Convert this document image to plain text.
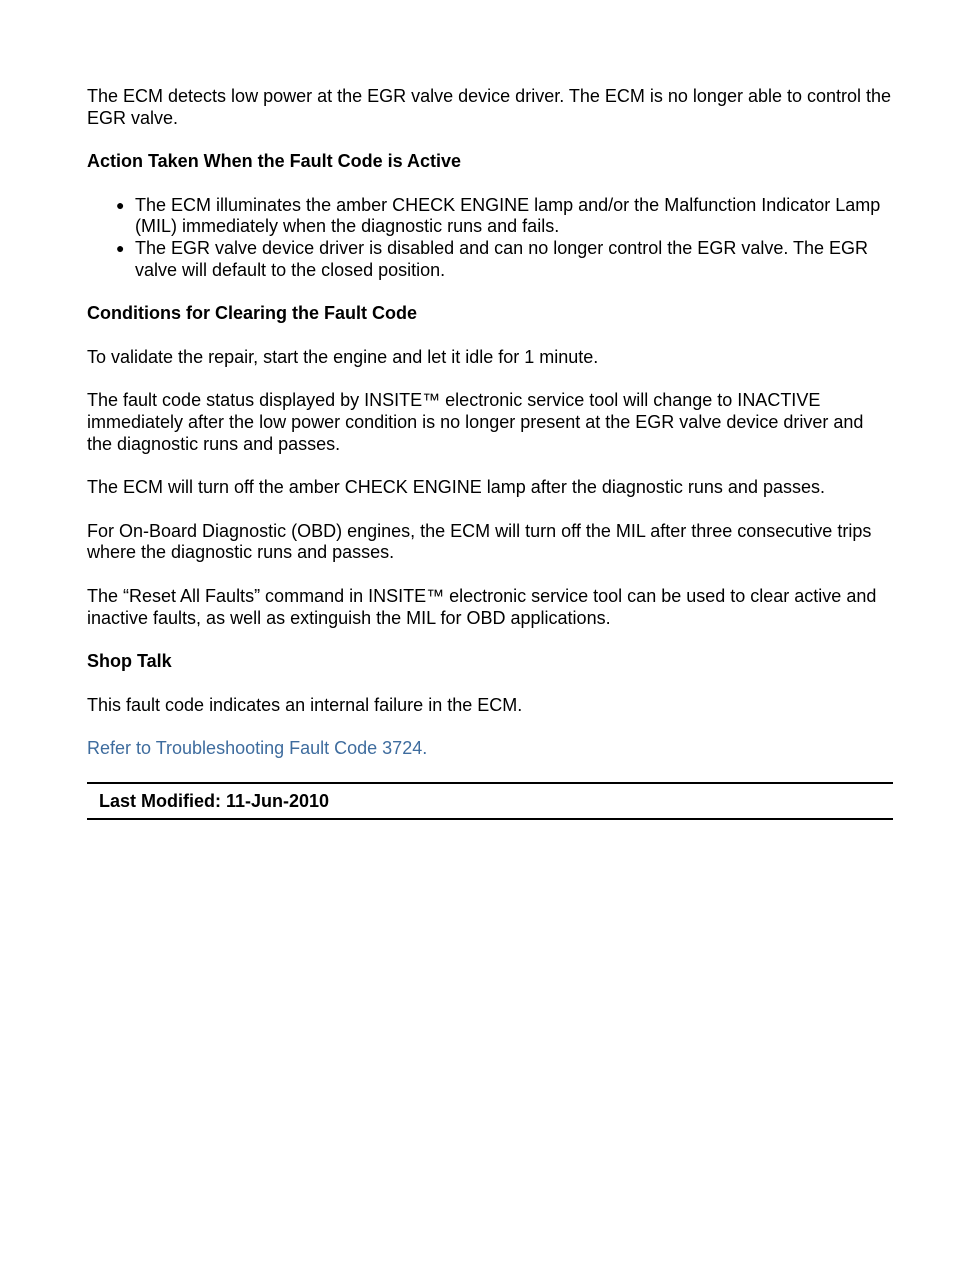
The ECM detects low power at the EGR valve device driver. The ECM is no longer able to control the EGR valve.

Action Taken When the Fault Code is Active
● The ECM illuminates the amber CHECK ENGINE lamp and/or the Malfunction Indicator Lamp (MIL) immediately when the diagnostic runs and fails.
● The EGR valve device driver is disabled and can no longer control the EGR valve. The EGR valve will default to the closed position.
Conditions for Clearing the Fault Code

To validate the repair, start the engine and let it idle for 1 minute.

The fault code status displayed by INSITE™ electronic service tool will change to INACTIVE immediately after the low power condition is no longer present at the EGR valve device driver and the diagnostic runs and passes.

The ECM will turn off the amber CHECK ENGINE lamp after the diagnostic runs and passes.

For On-Board Diagnostic (OBD) engines, the ECM will turn off the MIL after three consecutive trips where the diagnostic runs and passes.

The “Reset All Faults” command in INSITE™ electronic service tool can be used to clear active and inactive faults, as well as extinguish the MIL for OBD applications.

Shop Talk

This fault code indicates an internal failure in the ECM.

Refer to Troubleshooting Fault Code 3724.

Last Modified: 11-Jun-2010
